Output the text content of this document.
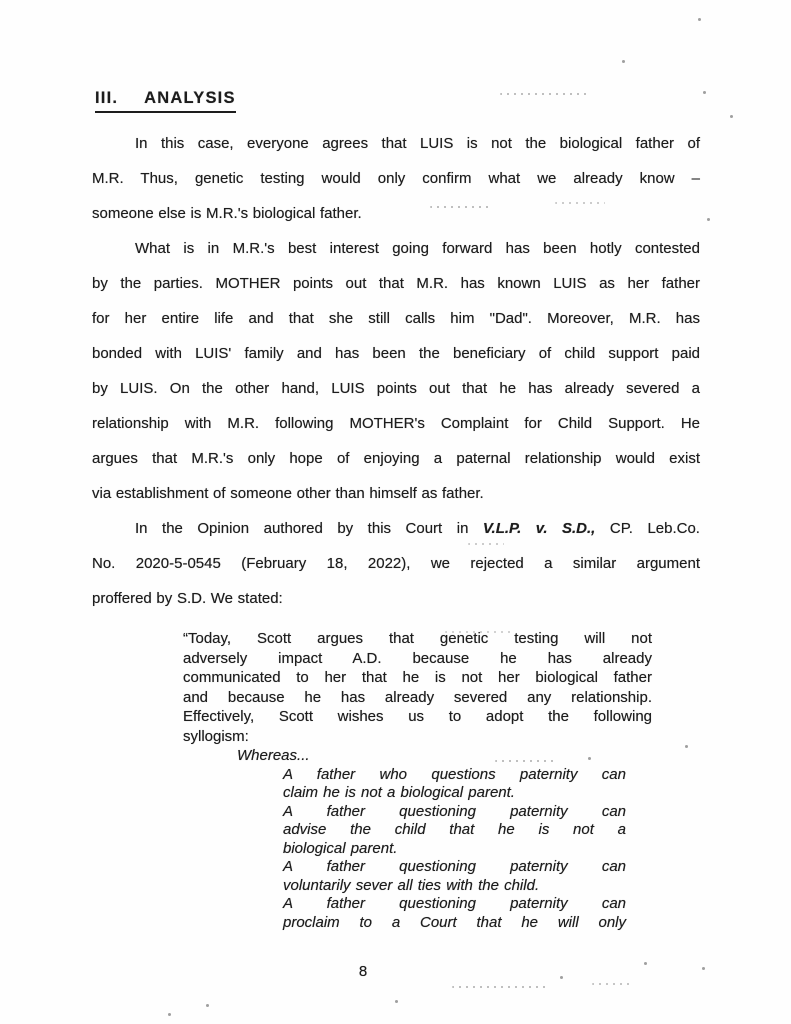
III. ANALYSIS
In this case, everyone agrees that LUIS is not the biological father of
M.R. Thus, genetic testing would only confirm what we already know –
someone else is M.R.'s biological father.
What is in M.R.'s best interest going forward has been hotly contested
by the parties. MOTHER points out that M.R. has known LUIS as her father
for her entire life and that she still calls him "Dad". Moreover, M.R. has
bonded with LUIS' family and has been the beneficiary of child support paid
by LUIS. On the other hand, LUIS points out that he has already severed a
relationship with M.R. following MOTHER's Complaint for Child Support. He
argues that M.R.'s only hope of enjoying a paternal relationship would exist
via establishment of someone other than himself as father.
In the Opinion authored by this Court in V.L.P. v. S.D., CP. Leb.Co.
No. 2020-5-0545 (February 18, 2022), we rejected a similar argument
proffered by S.D. We stated:
“Today, Scott argues that genetic testing will not
adversely impact A.D. because he has already
communicated to her that he is not her biological father
and because he has already severed any relationship.
Effectively, Scott wishes us to adopt the following
syllogism:
Whereas...
A father who questions paternity can
claim he is not a biological parent.
A father questioning paternity can
advise the child that he is not a
biological parent.
A father questioning paternity can
voluntarily sever all ties with the child.
A father questioning paternity can
proclaim to a Court that he will only
8
